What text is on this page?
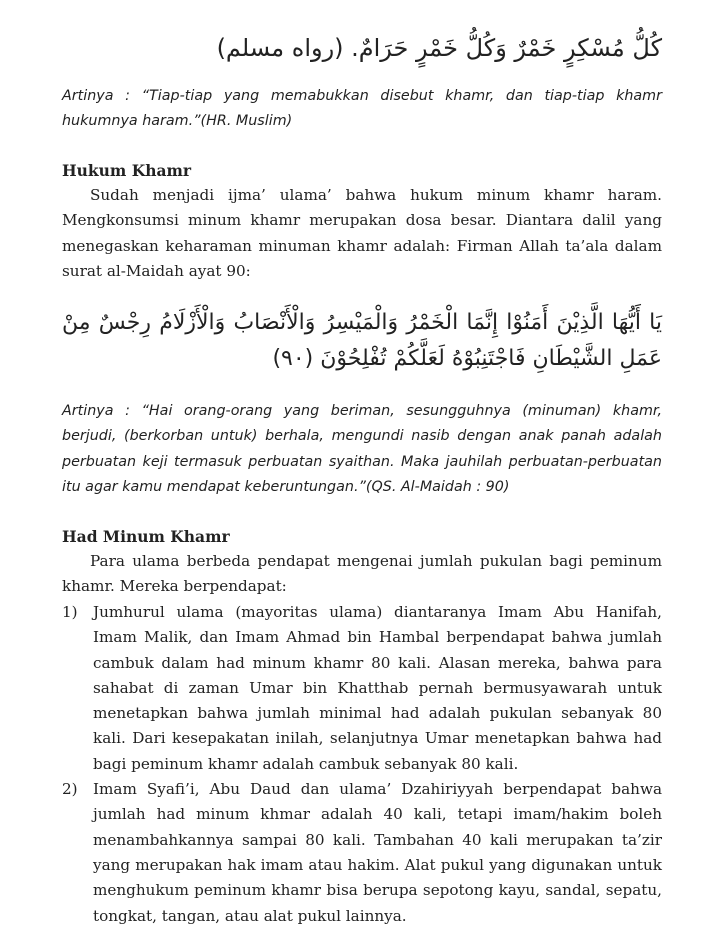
كُلُّ مُسْكِرٍ خَمْرٌ وَكُلُّ خَمْرٍ حَرَامٌ. (رواه مسلم)
Artinya : “Tiap-tiap yang memabukkan disebut khamr, dan tiap-tiap khamr hukumnya haram.”(HR. Muslim)
Hukum Khamr

Sudah menjadi ijma’ ulama’ bahwa hukum minum khamr haram. Mengkonsumsi minum khamr merupakan dosa besar. Diantara dalil yang menegaskan keharaman minuman khamr adalah: Firman Allah ta’ala dalam surat al-Maidah ayat 90:

يَا أَيُّهَا الَّذِيْنَ أَمَنُوْا إِنَّمَا الْخَمْرُ وَالْمَيْسِرُ وَالْأَنْصَابُ وَالْأَزْلَامُ رِجْسٌ مِنْ عَمَلِ الشَّيْطَانِ فَاجْتَنِبُوْهُ لَعَلَّكُمْ تُفْلِحُوْنَ (٩٠)
Artinya : “Hai orang-orang yang beriman, sesungguhnya (minuman) khamr, berjudi, (berkorban untuk) berhala, mengundi nasib dengan anak panah adalah perbuatan keji termasuk perbuatan syaithan. Maka jauhilah perbuatan-perbuatan itu agar kamu mendapat keberuntungan.”(QS. Al-Maidah : 90)
Had Minum Khamr

Para ulama berbeda pendapat mengenai jumlah pukulan bagi peminum khamr. Mereka berpendapat:

1) Jumhurul ulama (mayoritas ulama) diantaranya Imam Abu Hanifah, Imam Malik, dan Imam Ahmad bin Hambal berpendapat bahwa jumlah cambuk dalam had minum khamr 80 kali. Alasan mereka, bahwa para sahabat di zaman Umar bin Khatthab pernah bermusyawarah untuk menetapkan bahwa jumlah minimal had adalah pukulan sebanyak 80 kali. Dari kesepakatan inilah, selanjutnya Umar menetapkan bahwa had bagi peminum khamr adalah cambuk sebanyak 80 kali.
2) Imam Syafi’i, Abu Daud dan ulama’ Dzahiriyyah berpendapat bahwa jumlah had minum khmar adalah 40 kali, tetapi imam/hakim boleh menambahkannya sampai 80 kali. Tambahan 40 kali merupakan ta’zir yang merupakan hak imam atau hakim. Alat pukul yang digunakan untuk menghukum peminum khamr bisa berupa sepotong kayu, sandal, sepatu, tongkat, tangan, atau alat pukul lainnya.
